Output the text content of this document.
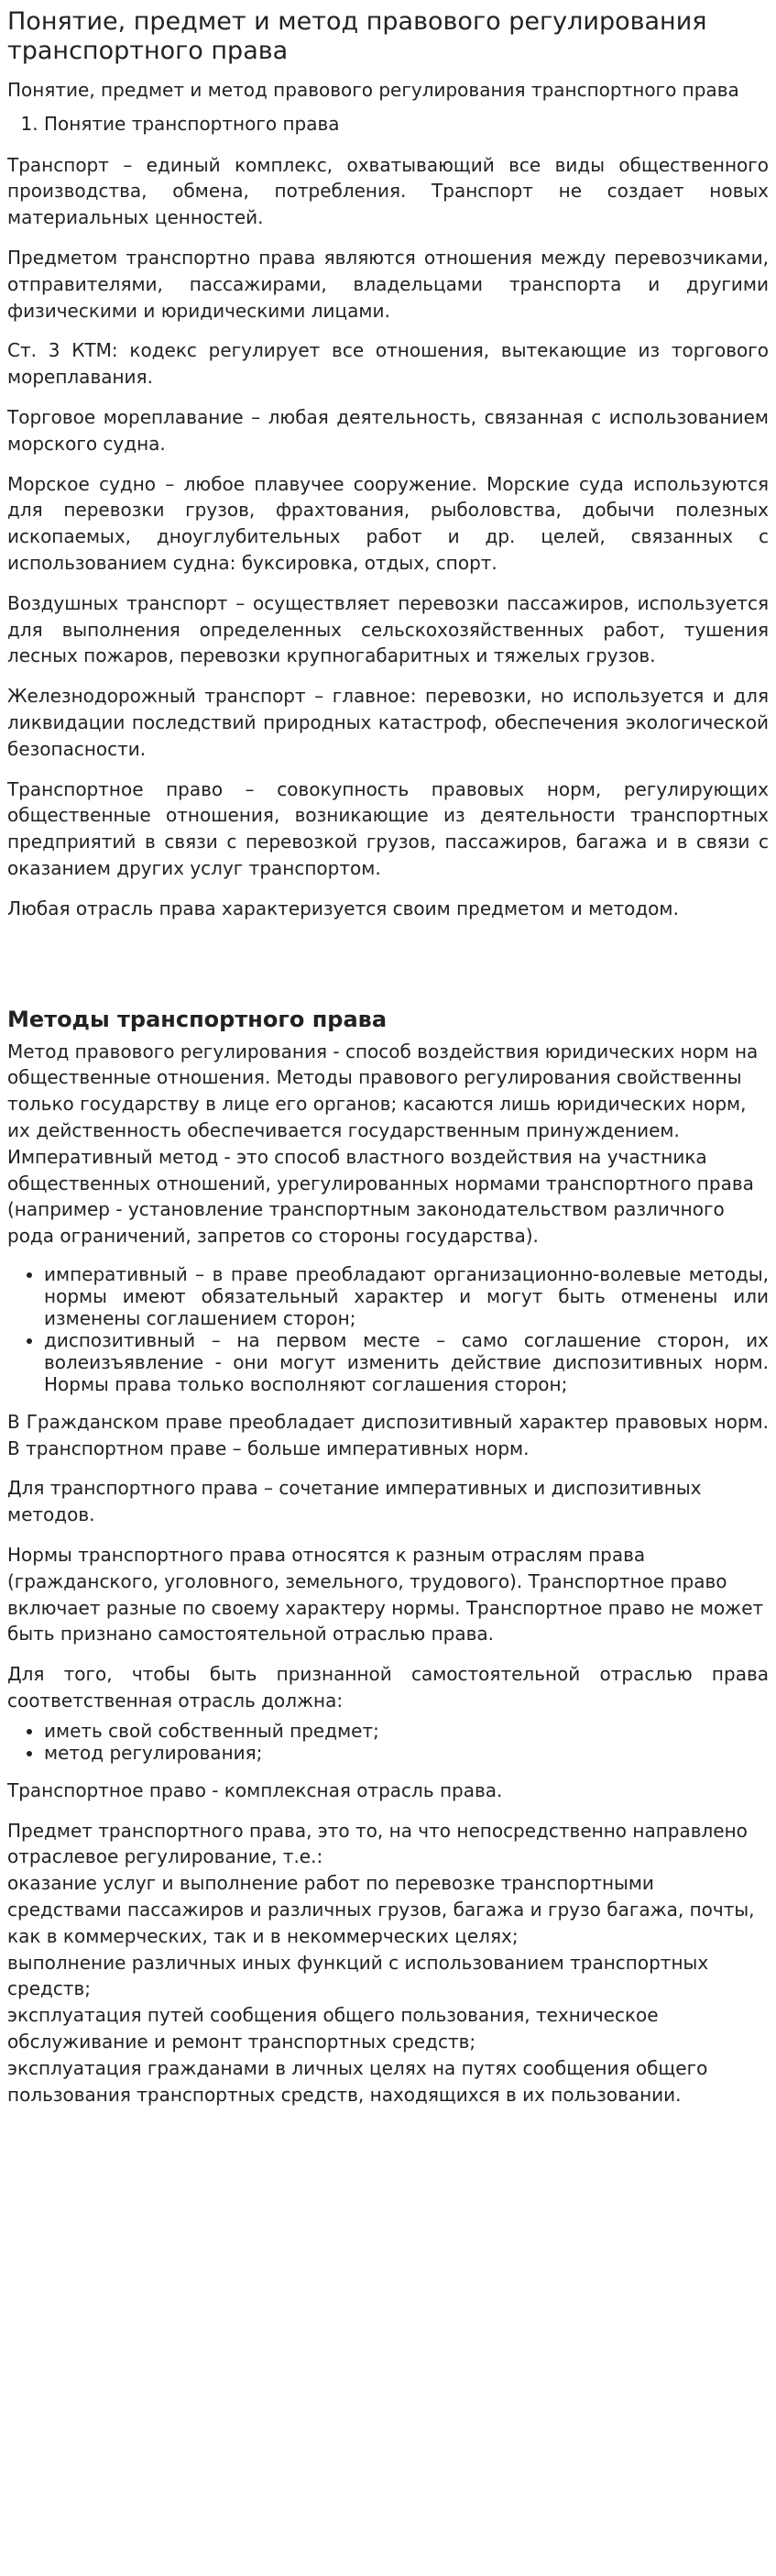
Понятие, предмет и метод правового регулирования транспортного права

Понятие, предмет и метод правового регулирования транспортного права

1. Понятие транспортного права

Транспорт – единый комплекс, охватывающий все виды общественного производства, обмена, потребления. Транспорт не создает новых материальных ценностей.

Предметом транспортно права являются отношения между перевозчиками, отправителями, пассажирами, владельцами транспорта и другими физическими и юридическими лицами.

Ст. 3 КТМ: кодекс регулирует все отношения, вытекающие из торгового мореплавания.

Торговое мореплавание – любая деятельность, связанная с использованием морского судна.

Морское судно – любое плавучее сооружение. Морские суда используются для перевозки грузов, фрахтования, рыболовства, добычи полезных ископаемых, дноуглубительных работ и др. целей, связанных с использованием судна: буксировка, отдых, спорт.

Воздушных транспорт – осуществляет перевозки пассажиров, используется для выполнения определенных сельскохозяйственных работ, тушения лесных пожаров, перевозки крупногабаритных и тяжелых грузов.

Железнодорожный транспорт – главное: перевозки, но используется и для ликвидации последствий природных катастроф, обеспечения экологической безопасности.

Транспортное право – совокупность правовых норм, регулирующих общественные отношения, возникающие из деятельности транспортных предприятий в связи с перевозкой грузов, пассажиров, багажа и в связи с оказанием других услуг транспортом.

Любая отрасль права характеризуется своим предметом и методом.

Методы транспортного права

Метод правового регулирования - способ воздействия юридических норм на общественные отношения. Методы правового регулирования свойственны только государству в лице его органов; касаются лишь юридических норм, их действенность обеспечивается государственным принуждением. Императивный метод - это способ властного воздействия на участника общественных отношений, урегулированных нормами транспортного права (например - установление транспортным законодательством различного рода ограничений, запретов со стороны государства).

• императивный – в праве преобладают организационно-волевые методы, нормы имеют обязательный характер и могут быть отменены или изменены соглашением сторон;
• диспозитивный – на первом месте – само соглашение сторон, их волеизъявление - они могут изменить действие диспозитивных норм. Нормы права только восполняют соглашения сторон;

В Гражданском праве преобладает диспозитивный характер правовых норм. В транспортном праве – больше императивных норм.

Для транспортного права – сочетание императивных и диспозитивных методов.

Нормы транспортного права относятся к разным отраслям права (гражданского, уголовного, земельного, трудового). Транспортное право включает разные по своему характеру нормы. Транспортное право не может быть признано самостоятельной отраслью права.

Для того, чтобы быть признанной самостоятельной отраслью права соответственная отрасль должна:

• иметь свой собственный предмет;
• метод регулирования;

Транспортное право - комплексная отрасль права.

Предмет транспортного права, это то, на что непосредственно направлено отраслевое регулирование, т.е.:
оказание услуг и выполнение работ по перевозке транспортными средствами пассажиров и различных грузов, багажа и грузо багажа, почты, как в коммерческих, так и в некоммерческих целях;
выполнение различных иных функций с использованием транспортных средств;
эксплуатация путей сообщения общего пользования, техническое обслуживание и ремонт транспортных средств;
эксплуатация гражданами в личных целях на путях сообщения общего пользования транспортных средств, находящихся в их пользовании.
